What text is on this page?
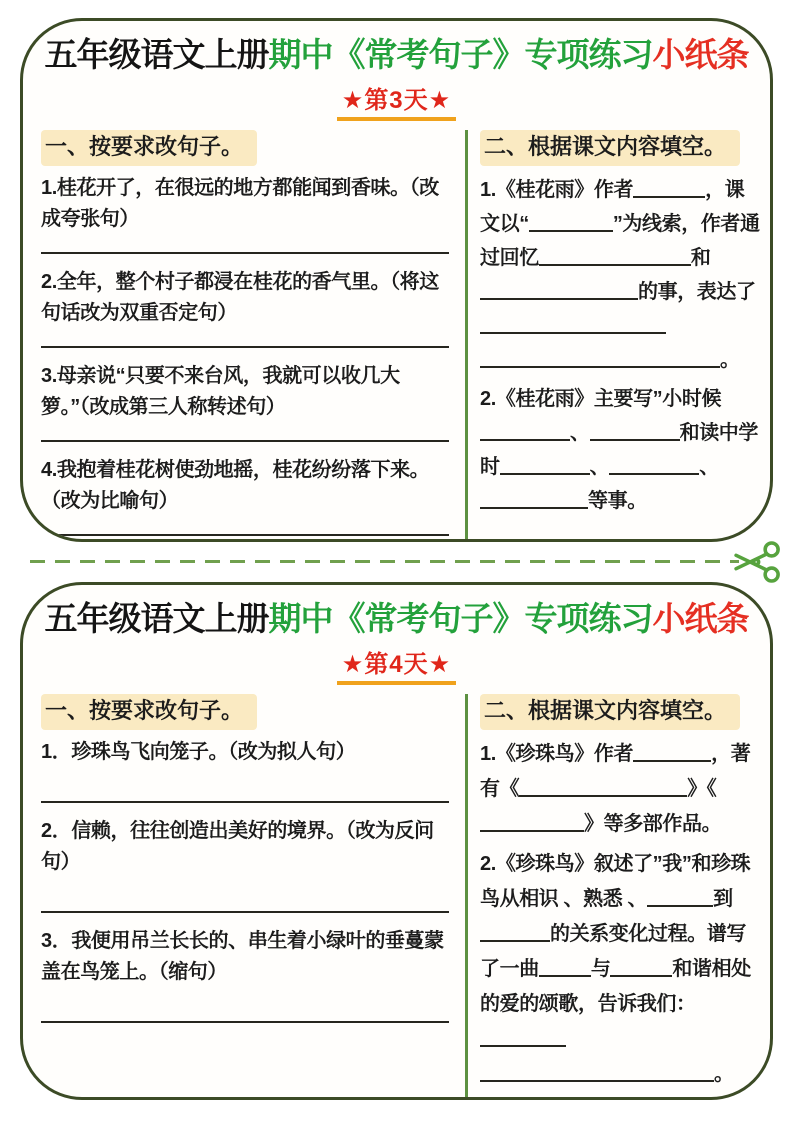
五年级语文上册期中《常考句子》专项练习小纸条
★第3天★
一、按要求改句子。

1.桂花开了，在很远的地方都能闻到香味。（改成夸张句）

2.全年，整个村子都浸在桂花的香气里。（将这句话改为双重否定句）

3.母亲说“只要不来台风，我就可以收几大箩。”（改成第三人称转述句）

4.我抱着桂花树使劲地摇，桂花纷纷落下来。（改为比喻句）

二、根据课文内容填空。

1.《桂花雨》作者	，课文以“	”为线索，作者通过回忆	和的事，表达了。

2.《桂花雨》主要写”小时候、	和读中学时	、	、等事。

五年级语文上册期中《常考句子》专项练习小纸条
★第4天★
一、按要求改句子。

1．珍珠鸟飞向笼子。（改为拟人句）

2．信赖，往往创造出美好的境界。（改为反问句）

3．我便用吊兰长长的、串生着小绿叶的垂蔓蒙盖在鸟笼上。（缩句）

二、根据课文内容填空。

1.《珍珠鸟》作者	，著有《	》《》等多部作品。

2.《珍珠鸟》叙述了”我”和珍珠鸟从相识 、熟悉 、	到的关系变化过程。谱写了一曲	与	和谐相处的爱的颂歌，告诉我们：。
